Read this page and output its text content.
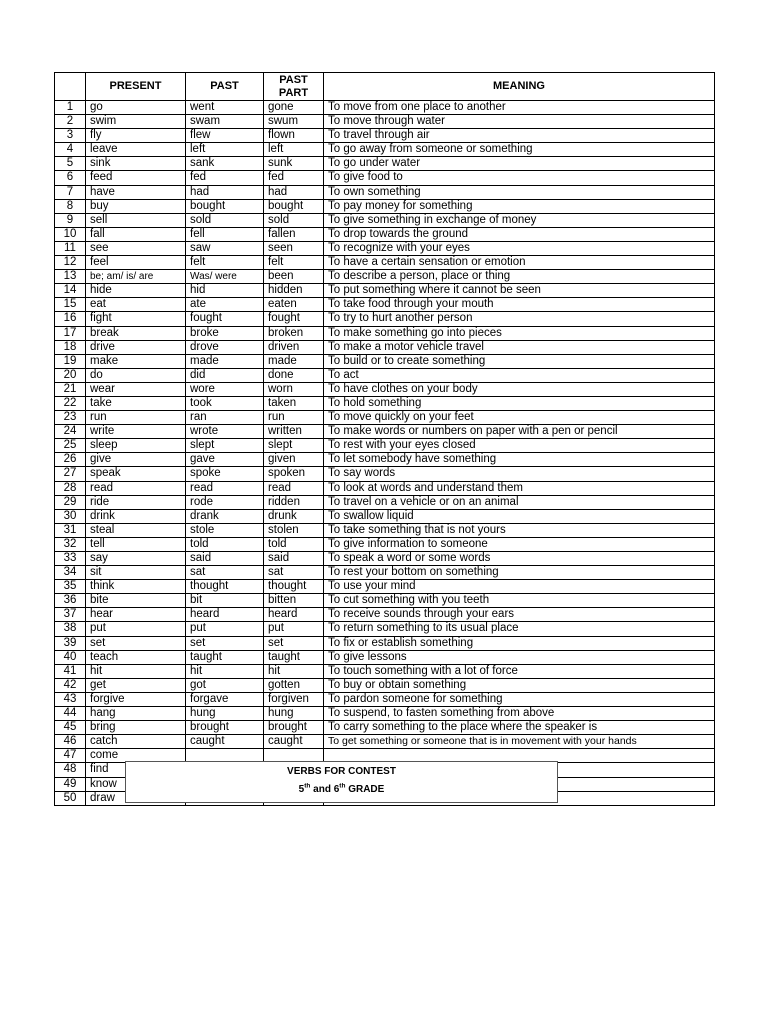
	PRESENT	PAST	PAST PART	MEANING
1	go	went	gone	To move from one place to another
2	swim	swam	swum	To move through water
3	fly	flew	flown	To travel through air
4	leave	left	left	To go away from someone or something
5	sink	sank	sunk	To go under water
6	feed	fed	fed	To give food to
7	have	had	had	To own something
8	buy	bought	bought	To pay money for something
9	sell	sold	sold	To give something in exchange of money
10	fall	fell	fallen	To drop towards the ground
11	see	saw	seen	To recognize with your eyes
12	feel	felt	felt	To have a certain sensation or emotion
13	be; am/ is/ are	Was/ were	been	To describe a person, place or thing
14	hide	hid	hidden	To put something where it cannot be seen
15	eat	ate	eaten	To take food through your mouth
16	fight	fought	fought	To try to hurt another person
17	break	broke	broken	To make something go into pieces
18	drive	drove	driven	To make a motor vehicle travel
19	make	made	made	To build or to create something
20	do	did	done	To act
21	wear	wore	worn	To have clothes on your body
22	take	took	taken	To hold something
23	run	ran	run	To move quickly on your feet
24	write	wrote	written	To make words or numbers on paper with a pen or pencil
25	sleep	slept	slept	To rest with your eyes closed
26	give	gave	given	To let somebody have something
27	speak	spoke	spoken	To say words
28	read	read	read	To look at words and understand them
29	ride	rode	ridden	To travel on a vehicle or on an animal
30	drink	drank	drunk	To swallow liquid
31	steal	stole	stolen	To take something that is not yours
32	tell	told	told	To give information to someone
33	say	said	said	To speak a word or some words
34	sit	sat	sat	To rest your bottom on something
35	think	thought	thought	To use your mind
36	bite	bit	bitten	To cut something with you teeth
37	hear	heard	heard	To receive sounds through your ears
38	put	put	put	To return something to its usual place
39	set	set	set	To fix or establish something
40	teach	taught	taught	To give lessons
41	hit	hit	hit	To touch something with a lot of force
42	get	got	gotten	To buy or obtain something
43	forgive	forgave	forgiven	To pardon someone for something
44	hang	hung	hung	To suspend, to fasten something from above
45	bring	brought	brought	To carry something to the place where the speaker is
46	catch	caught	caught	To get something or someone that is in movement with your hands
47	come			
48	find			
49	know			
50	draw			
VERBS FOR CONTEST
5th and 6th GRADE
